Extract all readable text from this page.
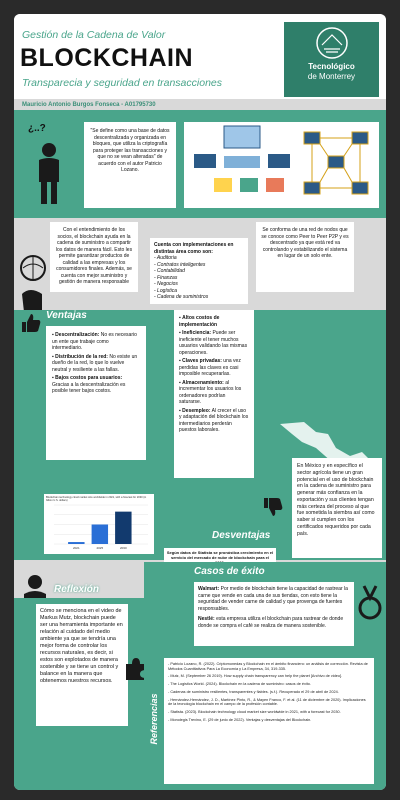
Gestión de la Cadena de Valor
BLOCKCHAIN
Transparecia y seguridad en transacciones
Tecnológico
de Monterrey
Mauricio Antonio Burgos Fonseca - A01795730
¿..?	"Se define como una base de datos descentralizada y organizada en bloques, que utiliza la criptografía para proteger las transacciones y que no se vean alteradas" de acuerdo con el autor Patricio Lozano.
Con el entendimiento de los socios, el blockchain ayuda en la cadena de suministro a compartir los datos de manera fácil. Esto les permite garantizar productos de calidad a las empresas y los consumidores finales. Además, se cuenta con mejor suministro y gestión de manera responsable
Cuenta con implementaciones en distintas área como son:
- Auditoria
- Contratos inteligentes
- Contabilidad
- Finanzas
- Negocios
- Logística
- Cadena de suministros
Se conforma de una red de nodos que se conoce como Peer to Peer P2P y es descentrado ya que está red va controlando y estabilizando el sistema en lugar de un solo ente.
Ventajas
▪ Descentralización: No es necesario un ente que trabaje como intermediario.
▪ Distribución de la red: No existe un dueño de la red, lo que lo vuelve neutral y resiliente a las fallas.
▪ Bajos costos para usuarios: Gracias a la descentralización es posible tener bajos costos.
▪ Altos costos de implementación
▪ Ineficiencia: Puede ser ineficiente el tener muchos usuarios validando las mismas operaciones.
▪ Claves privadas: una vez perdidas las claves es casi imposible recuperarlas.
▪ Almacenamiento: al incrementar los usuarios los ordenadores podrían saturarse.
▪ Desempleo: Al crecer el uso y adaptación del blockchain los intermediarios perderán puestos laborales.
En México y en específico el sector agrícola tiene un gran potencial en el uso de blockchain en la cadena de suministro para generar más confianza en la exportación y sus clientes tengan más certeza del proceso al que fue sometida la siembra así como saber si cumplen con los certificados requeridos por cada país.
Blockchain technology cloud market size worldwide in 2021, with a forecast for 2030 (in billion U.S. dollars)
2021	2025	2030
Desventajas
Según datos de Statista se pronóstica crecimiento en el servicio del mercado de nube de blockchain para el
Reflexión
Cómo se menciona en el video de Markus Mutz, blockchain puede ser una herramienta importante en relación al cuidado del medio ambiente ya que se tendría una mejor forma de controlar los recursos naturales, es decir, si estos son explotados de manera sostenible y se tiene un control y balance en la manera que obtenemos nuestros recursos.
Casos de éxito
Walmart: Por medio de blockchain tiene la capacidad de rastrear la carne que vende en cada una de sus tiendas, con esto tiene la seguridad de vender carne de calidad y que provenga de fuentes responsables.
Nestlé: esta empresa utiliza el blockchain para rastrear de donde donde se compra el café se realiza de manera sostenible.
Referencias

- Patricio Lozano, R. (2022). Criptomonedas y Blockchain en el ámbito financiero: un análisis de corrección. Revista de Métodos Cuantitativos Para La Economía y La Empresa, 34, 319-335.

- Mutz, M. (September 26 2019). How supply chain transparency can help the planet [Archivo de video].

- The Logistics World. (2024). Blockchain en la cadena de suministro: casos de éxito.

- Cadenas de suministro resilientes, transparentes y fiables. (s.f.). Recuperado el 29 de abril de 2024.

- Hernández-Hernández, J. D., Martínez Pinto, R., & Mayen Franco, F. et al. (11 de diciembre de 2020). Implicaciones de la tecnología blockchain en el campo de la profesión contable.

- Statista. (2023). Blockchain technology cloud market size worldwide in 2021, with a forecast for 2030.

- Monolegis Trevino, E. (29 de junio de 2022). Ventajas y desventajas del Blockchain.
